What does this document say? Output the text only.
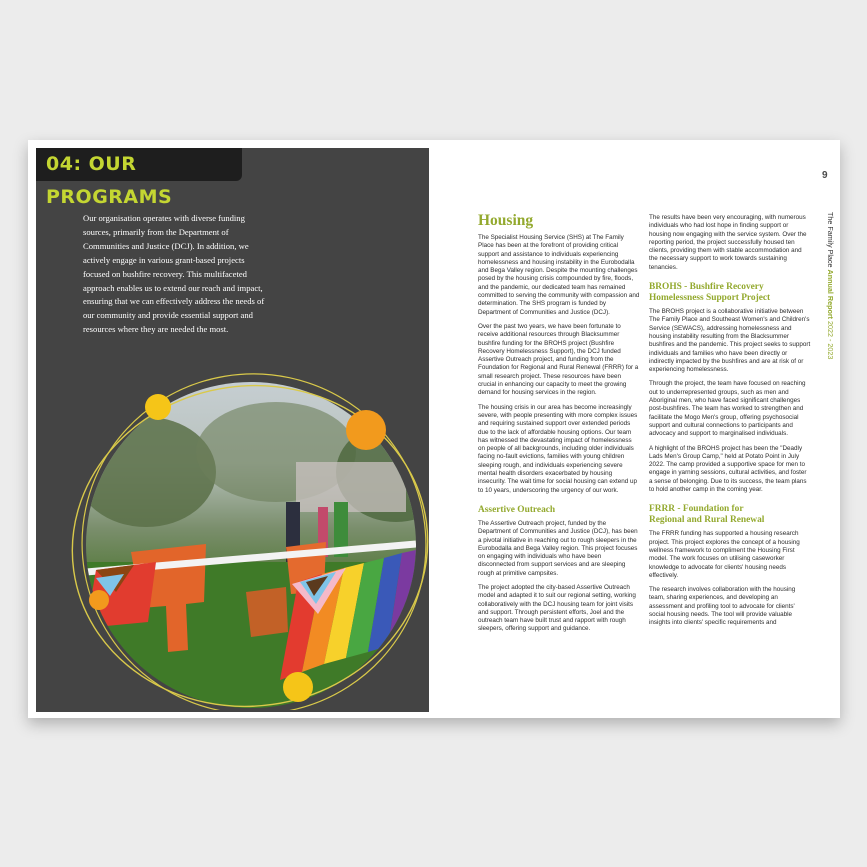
04: OUR PROGRAMS

Our organisation operates with diverse funding sources, primarily from the Department of Communities and Justice (DCJ). In addition, we actively engage in various grant-based projects focused on bushfire recovery. This multifaceted approach enables us to extend our reach and impact, ensuring that we can effectively address the needs of our community and provide essential support and resources where they are needed the most.

9
The Family Place Annual Report 2022 - 2023
Housing

The Specialist Housing Service (SHS) at The Family Place has been at the forefront of providing critical support and assistance to individuals experiencing homelessness and housing instability in the Eurobodalla and Bega Valley region. Despite the mounting challenges posed by the housing crisis compounded by fire, floods, and the pandemic, our dedicated team has remained committed to serving the community with compassion and determination. The SHS program is funded by Department of Communities and Justice (DCJ).

Over the past two years, we have been fortunate to receive additional resources through Blacksummer bushfire funding for the BROHS project (Bushfire Recovery Homelessness Support), the DCJ funded Assertive Outreach project, and funding from the Foundation for Regional and Rural Renewal (FRRR) for a small research project. These resources have been crucial in enhancing our capacity to meet the growing demand for housing services in the region.

The housing crisis in our area has become increasingly severe, with people presenting with more complex issues and requiring sustained support over extended periods due to the lack of affordable housing options. Our team has witnessed the devastating impact of homelessness on people of all backgrounds, including older individuals facing no-fault evictions, families with young children sleeping rough, and individuals experiencing severe mental health disorders exacerbated by housing insecurity. The wait time for social housing can extend up to 10 years, underscoring the urgency of our work.

Assertive Outreach

The Assertive Outreach project, funded by the Department of Communities and Justice (DCJ), has been a pivotal initiative in reaching out to rough sleepers in the Eurobodalla and Bega Valley region. This project focuses on engaging with individuals who have been disconnected from support services and are sleeping rough at primitive campsites.

The project adopted the city-based Assertive Outreach model and adapted it to suit our regional setting, working collaboratively with the DCJ housing team for joint visits and support. Through persistent efforts, Joel and the outreach team have built trust and rapport with rough sleepers, offering support and guidance.

The results have been very encouraging, with numerous individuals who had lost hope in finding support or housing now engaging with the service system. Over the reporting period, the project successfully housed ten clients, providing them with stable accommodation and the necessary support to work towards sustaining tenancies.

BROHS - Bushfire Recovery
Homelessness Support Project

The BROHS project is a collaborative initiative between The Family Place and Southeast Women's and Children's Service (SEWACS), addressing homelessness and housing instability resulting from the Blacksummer bushfires and the pandemic. This project seeks to support individuals and families who have been directly or indirectly impacted by the bushfires and are at risk of or experiencing homelessness.

Through the project, the team have focused on reaching out to underrepresented groups, such as men and Aboriginal men, who have faced significant challenges post-bushfires. The team has worked to strengthen and facilitate the Mogo Men's group, offering psychosocial support and cultural connections to participants and advocacy and support to marginalised individuals.

A highlight of the BROHS project has been the "Deadly Lads Men's Group Camp," held at Potato Point in July 2022. The camp provided a supportive space for men to engage in yarning sessions, cultural activities, and foster a sense of belonging. Due to its success, the team plans to hold another camp in the coming year.

FRRR - Foundation for
Regional and Rural Renewal

The FRRR funding has supported a housing research project. This project explores the concept of a housing wellness framework to compliment the Housing First model. The work focuses on utilising caseworker knowledge to advocate for clients' housing needs effectively.

The research involves collaboration with the housing team, sharing experiences, and developing an assessment and profiling tool to advocate for clients' social housing needs. The tool will provide valuable insights into clients' specific requirements and
